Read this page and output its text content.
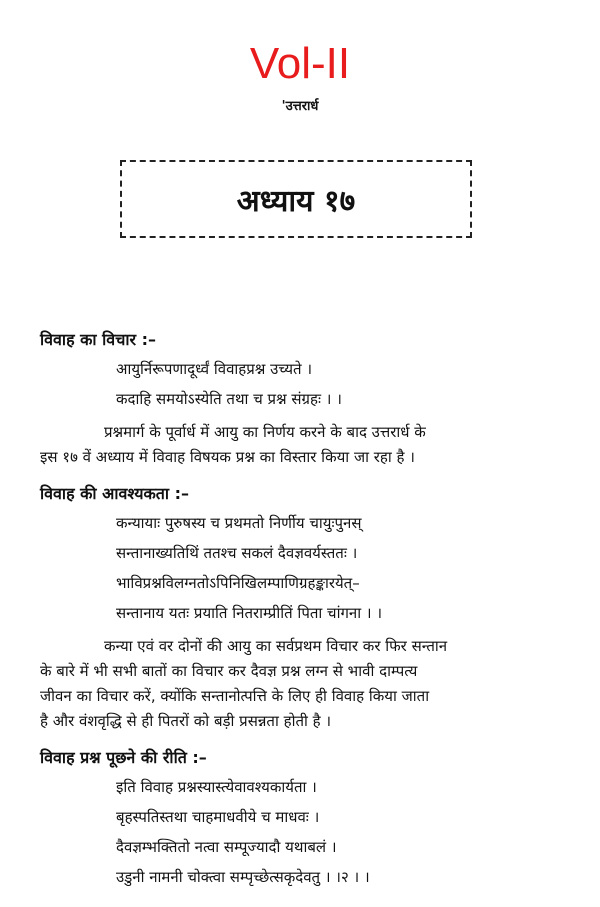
Vol-II
'उत्तरार्ध
अध्याय १७
विवाह का विचार :–
आयुर्निरूपणादूर्ध्वं विवाहप्रश्न उच्यते ।
कदाहि समयोऽस्येति तथा च प्रश्न संग्रहः । ।
प्रश्नमार्ग के पूर्वार्ध में आयु का निर्णय करने के बाद उत्तरार्ध के
इस १७ वें अध्याय में विवाह विषयक प्रश्न का विस्तार किया जा रहा है ।
विवाह की आवश्यकता :–
कन्यायाः पुरुषस्य च प्रथमतो निर्णीय चायुःपुनस्
सन्तानाख्यतिथिं ततश्च सकलं दैवज्ञवर्यस्ततः ।
भाविप्रश्नविलग्नतोऽपिनिखिलम्पाणिग्रहङ्कारयेत्–
सन्तानाय यतः प्रयाति नितराम्प्रीतिं पिता चांगना । ।
कन्या एवं वर दोनों की आयु का सर्वप्रथम विचार कर फिर सन्तान
के बारे में भी सभी बातों का विचार कर दैवज्ञ प्रश्न लग्न से भावी दाम्पत्य
जीवन का विचार करें, क्योंकि सन्तानोत्पत्ति के लिए ही विवाह किया जाता
है और वंशवृद्धि से ही पितरों को बड़ी प्रसन्नता होती है ।
विवाह प्रश्न पूछने की रीति :–
इति विवाह प्रश्नस्यास्त्येवावश्यकार्यता ।
बृहस्पतिस्तथा चाहमाधवीये च माधवः ।
दैवज्ञम्भक्तितो नत्वा सम्पूज्यादौ यथाबलं ।
उडुनी नामनी चोक्त्वा सम्पृच्छेत्सकृदेवतु । ।२ । ।
